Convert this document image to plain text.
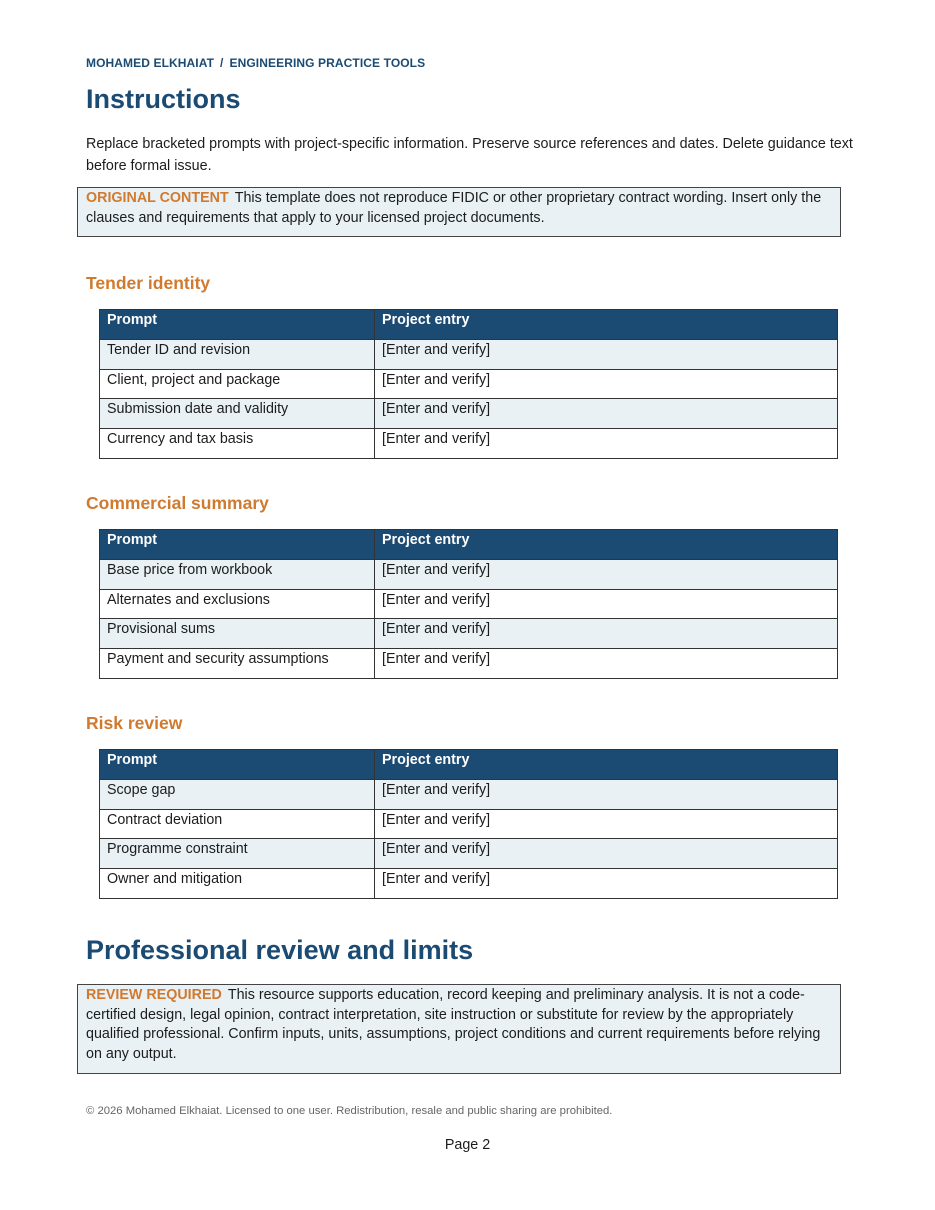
MOHAMED ELKHAIAT / ENGINEERING PRACTICE TOOLS
Instructions

Replace bracketed prompts with project-specific information. Preserve source references and dates. Delete guidance text before formal issue.

ORIGINAL CONTENT This template does not reproduce FIDIC or other proprietary contract wording. Insert only the clauses and requirements that apply to your licensed project documents.
Tender identity
Prompt	Project entry
Tender ID and revision	[Enter and verify]
Client, project and package	[Enter and verify]
Submission date and validity	[Enter and verify]
Currency and tax basis	[Enter and verify]
Commercial summary
Prompt	Project entry
Base price from workbook	[Enter and verify]
Alternates and exclusions	[Enter and verify]
Provisional sums	[Enter and verify]
Payment and security assumptions	[Enter and verify]
Risk review
Prompt	Project entry
Scope gap	[Enter and verify]
Contract deviation	[Enter and verify]
Programme constraint	[Enter and verify]
Owner and mitigation	[Enter and verify]
Professional review and limits
REVIEW REQUIRED This resource supports education, record keeping and preliminary analysis. It is not a code-certified design, legal opinion, contract interpretation, site instruction or substitute for review by the appropriately qualified professional. Confirm inputs, units, assumptions, project conditions and current requirements before relying on any output.
© 2026 Mohamed Elkhaiat. Licensed to one user. Redistribution, resale and public sharing are prohibited.
Page 2
